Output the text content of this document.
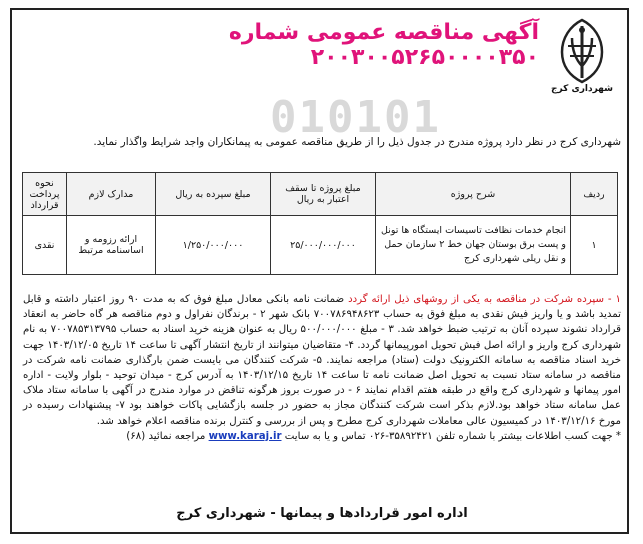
010101
شهرداری کرج
آگهی مناقصه عمومی شماره ۲۰۰۳۰۰۵۲۶۵۰۰۰۰۳۵۰
شهرداری کرج در نظر دارد پروژه مندرج در جدول ذیل را از طریق مناقصه عمومی به پیمانکاران واجد شرایط واگذار نماید.
ردیف	شرح پروژه	مبلغ پروژه تا سقف اعتبار به ریال	مبلغ سپرده به ریال	مدارک لازم	نحوه پرداخت قرارداد
۱	انجام خدمات نظافت تاسیسات ایستگاه ها تونل و پست برق بوستان جهان خط ۲ سازمان حمل و نقل ریلی شهرداری کرج	۲۵/۰۰۰/۰۰۰/۰۰۰	۱/۲۵۰/۰۰۰/۰۰۰	ارائه رزومه و اساسنامه مرتبط	نقدی
۱ - سپرده شرکت در مناقصه به یکی از روشهای ذیل ارائه گردد ضمانت نامه بانکی معادل مبلغ فوق که به مدت ۹۰ روز اعتبار داشته و قابل تمدید باشد و یا واریز فیش نقدی به مبلغ فوق به حساب ۷۰۰۷۸۶۹۴۸۶۲۳ بانک شهر ۲ - برندگان نفراول و دوم مناقصه هر گاه حاضر به انعقاد قرارداد نشوند سپرده آنان به ترتیب ضبط خواهد شد. ۳ - مبلغ ۵۰۰/۰۰۰/۰۰۰ ریال به عنوان هزینه خرید اسناد به حساب ۷۰۰۷۸۵۳۱۳۷۹۵ به نام شهرداری کرج واریز و ارائه اصل فیش تحویل امورپیمانها گردد. ۴- متقاضیان میتوانند از تاریخ انتشار آگهی تا ساعت ۱۴ تاریخ ۱۴۰۳/۱۲/۰۵ جهت خرید اسناد مناقصه به سامانه الکترونیک دولت (ستاد) مراجعه نمایند. ۵- شرکت کنندگان می بایست ضمن بارگذاری ضمانت نامه شرکت در مناقصه در سامانه ستاد نسبت به تحویل اصل ضمانت نامه تا ساعت ۱۴ تاریخ ۱۴۰۳/۱۲/۱۵ به آدرس کرج - میدان توحید - بلوار ولایت - اداره امور پیمانها و شهرداری کرج واقع در طبقه هفتم اقدام نمایند ۶ - در صورت بروز هرگونه تناقض در موارد مندرج در آگهی با سامانه ستاد ملاک عمل سامانه ستاد خواهد بود.لازم بذکر است شرکت کنندگان مجاز به حضور در جلسه بازگشایی پاکات خواهند بود ۷- پیشنهادات رسیده در مورخ ۱۴۰۳/۱۲/۱۶ در کمیسیون عالی معاملات شهرداری کرج مطرح و پس از بررسی و کنترل برنده مناقصه اعلام خواهد شد.
* جهت کسب اطلاعات بیشتر با شماره تلفن ۳۵۸۹۲۴۲۱-۰۲۶ تماس و یا به سایت www.karaj.ir مراجعه نمائید (۶۸)
اداره امور قراردادها و پیمانها - شهرداری کرج
